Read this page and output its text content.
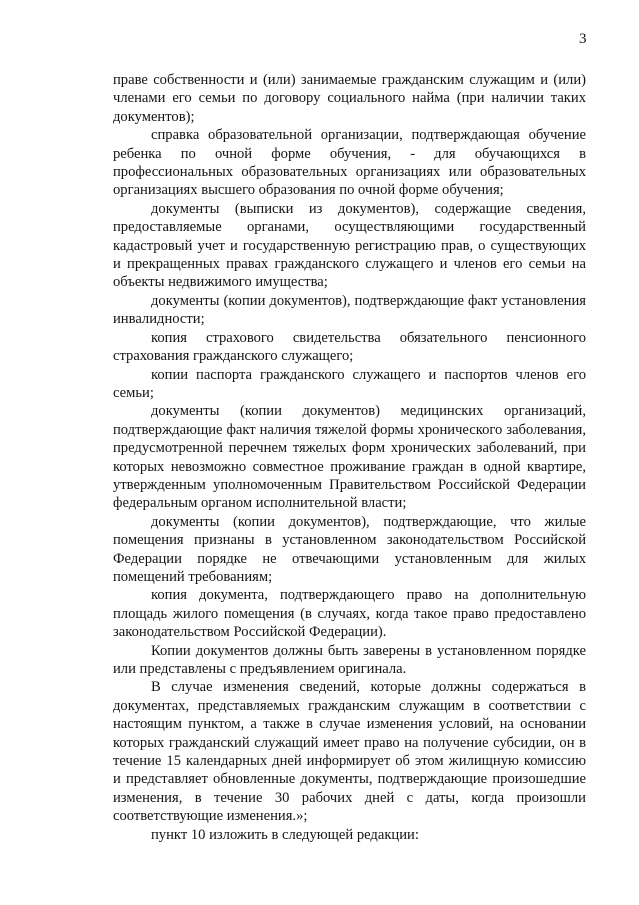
3

праве собственности и (или) занимаемые гражданским служащим и (или) членами его семьи по договору социального найма (при наличии таких документов);

справка образовательной организации, подтверждающая обучение ребенка по очной форме обучения, - для обучающихся в профессиональных образовательных организациях или образовательных организациях высшего образования по очной форме обучения;

документы (выписки из документов), содержащие сведения, предоставляемые органами, осуществляющими государственный кадастровый учет и государственную регистрацию прав, о существующих и прекращенных правах гражданского служащего и членов его семьи на объекты недвижимого имущества;

документы (копии документов), подтверждающие факт установления инвалидности;

копия страхового свидетельства обязательного пенсионного страхования гражданского служащего;

копии паспорта гражданского служащего и паспортов членов его семьи;

документы (копии документов) медицинских организаций, подтверждающие факт наличия тяжелой формы хронического заболевания, предусмотренной перечнем тяжелых форм хронических заболеваний, при которых невозможно совместное проживание граждан в одной квартире, утвержденным уполномоченным Правительством Российской Федерации федеральным органом исполнительной власти;

документы (копии документов), подтверждающие, что жилые помещения признаны в установленном законодательством Российской Федерации порядке не отвечающими установленным для жилых помещений требованиям;

копия документа, подтверждающего право на дополнительную площадь жилого помещения (в случаях, когда такое право предоставлено законодательством Российской Федерации).

Копии документов должны быть заверены в установленном порядке или представлены с предъявлением оригинала.

В случае изменения сведений, которые должны содержаться в документах, представляемых гражданским служащим в соответствии с настоящим пунктом, а также в случае изменения условий, на основании которых гражданский служащий имеет право на получение субсидии, он в течение 15 календарных дней информирует об этом жилищную комиссию и представляет обновленные документы, подтверждающие произошедшие изменения, в течение 30 рабочих дней с даты, когда произошли соответствующие изменения.»;

пункт 10 изложить в следующей редакции:
